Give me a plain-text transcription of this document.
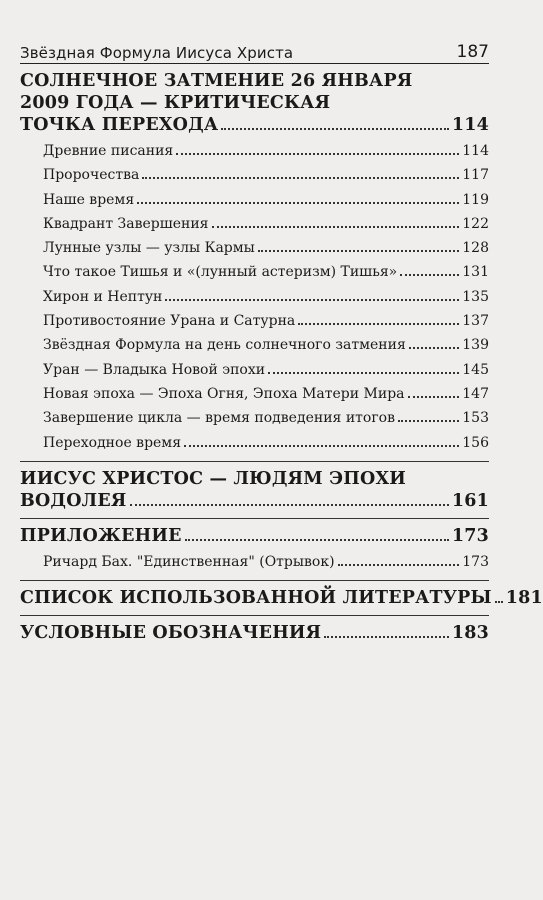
Звёздная Формула Иисуса Христа	187
СОЛНЕЧНОЕ ЗАТМЕНИЕ 26 ЯНВАРЯ
2009 ГОДА — КРИТИЧЕСКАЯ
ТОЧКА ПЕРЕХОДА	114
Древние писания	114
Пророчества	117
Наше время	119
Квадрант Завершения	122
Лунные узлы — узлы Кармы	128
Что такое Тишья и «(лунный астеризм) Тишья»	131
Хирон и Нептун	135
Противостояние Урана и Сатурна	137
Звёздная Формула на день солнечного затмения	139
Уран — Владыка Новой эпохи	145
Новая эпоха — Эпоха Огня, Эпоха Матери Мира	147
Завершение цикла — время подведения итогов	153
Переходное время	156
ИИСУС ХРИСТОС — ЛЮДЯМ ЭПОХИ
ВОДОЛЕЯ	161
ПРИЛОЖЕНИЕ	173
Ричард Бах. "Единственная" (Отрывок)	173
СПИСОК ИСПОЛЬЗОВАННОЙ ЛИТЕРАТУРЫ 181
УСЛОВНЫЕ ОБОЗНАЧЕНИЯ	183
